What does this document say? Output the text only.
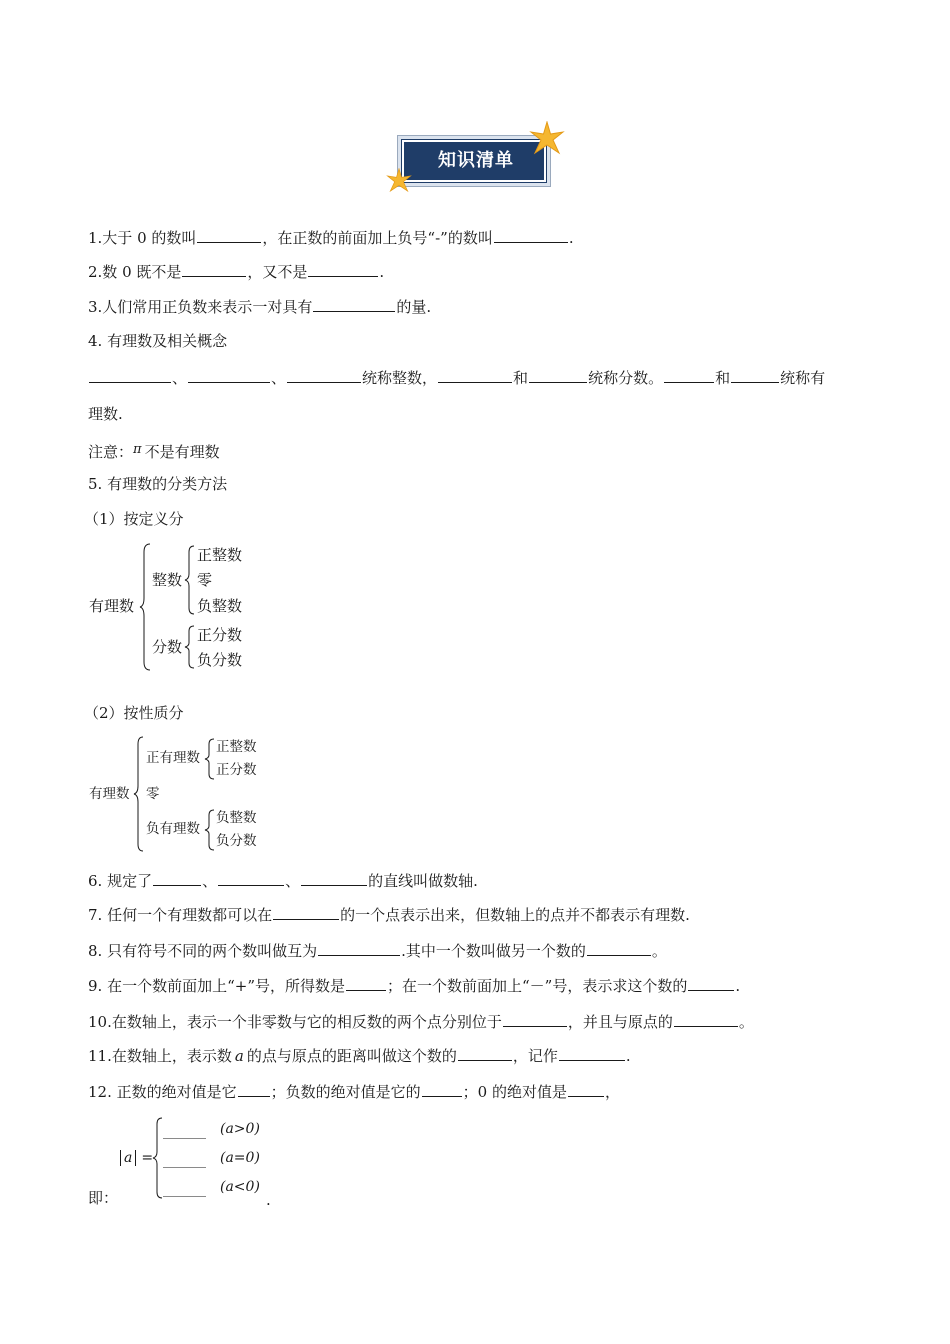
知识清单
1.大于 0 的数叫	，在正数的前面加上负号“-”的数叫	.
2.数 0 既不是	，又不是	.
3.人们常用正负数来表示一对具有	的量.
4. 有理数及相关概念
、	、	统称整数，	和	统称分数。	和	统称有
理数.
注意：π 不是有理数
5. 有理数的分类方法
（1）按定义分
有理数
整数
正整数
零
负整数
分数
正分数
负分数
（2）按性质分
有理数
正有理数
正整数
正分数
零
负有理数
负整数
负分数
6. 规定了	、	、	的直线叫做数轴.
7. 任何一个有理数都可以在	的一个点表示出来，但数轴上的点并不都表示有理数.
8. 只有符号不同的两个数叫做互为	.其中一个数叫做另一个数的	。
9. 在一个数前面加上“+”号，所得数是	；在一个数前面加上“－”号，表示求这个数的	.
10.在数轴上，表示一个非零数与它的相反数的两个点分别位于	，并且与原点的	。
11.在数轴上，表示数 a 的点与原点的距离叫做这个数的	，记作	.
12. 正数的绝对值是它 ；负数的绝对值是它的	；0 的绝对值是	，
即：
a =
(a>0)
(a=0)
(a<0)
.
